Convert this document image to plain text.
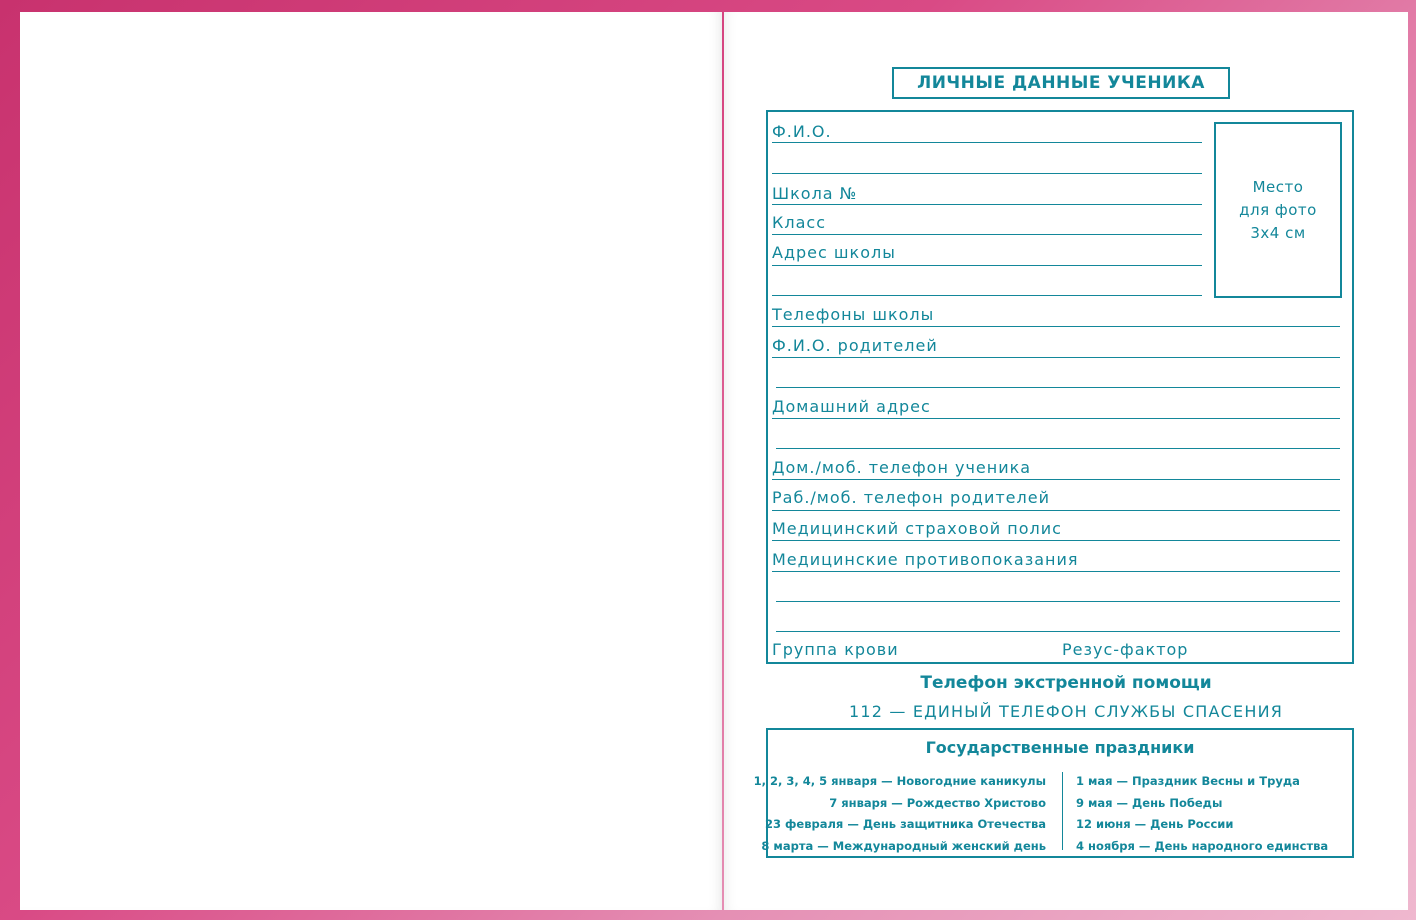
ЛИЧНЫЕ ДАННЫЕ УЧЕНИКА
Место
для фото
3х4 см
Ф.И.О.
Школа №
Класс
Адрес школы
Телефоны школы
Ф.И.О. родителей
Домашний адрес
Дом./моб. телефон ученика
Раб./моб. телефон родителей
Медицинский страховой полис
Медицинские противопоказания
Группа крови	Резус-фактор
Телефон экстренной помощи
112 — ЕДИНЫЙ ТЕЛЕФОН СЛУЖБЫ СПАСЕНИЯ
Государственные праздники
1, 2, 3, 4, 5 января — Новогодние каникулы
7 января — Рождество Христово
23 февраля — День защитника Отечества
8 марта — Международный женский день
1 мая — Праздник Весны и Труда
9 мая — День Победы
12 июня — День России
4 ноября — День народного единства
